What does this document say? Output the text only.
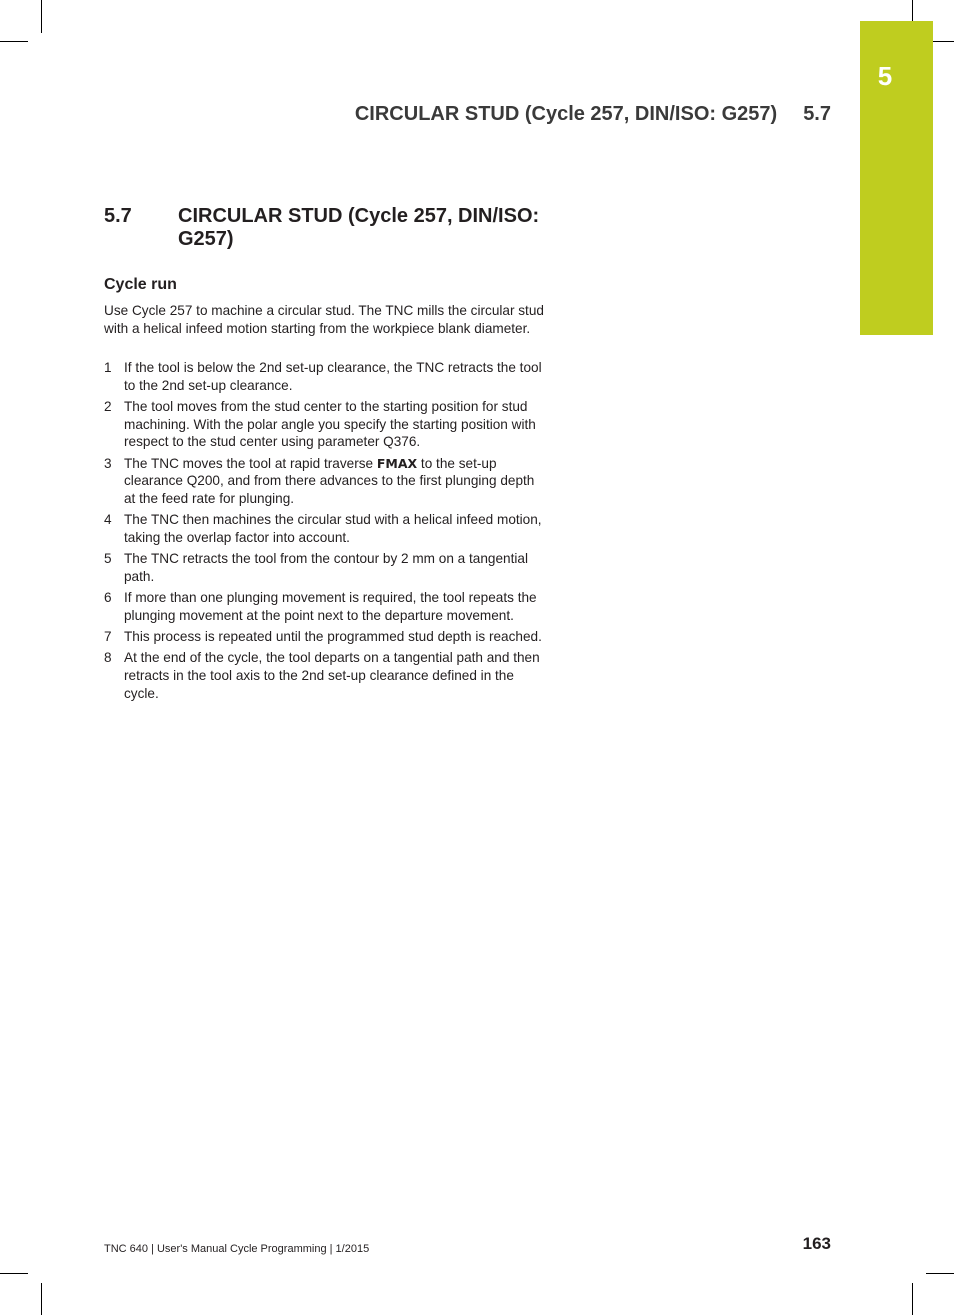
5
CIRCULAR STUD (Cycle 257, DIN/ISO: G257) 5.7
5.7 CIRCULAR STUD (Cycle 257, DIN/ISO: G257)
Cycle run

Use Cycle 257 to machine a circular stud. The TNC mills the circular stud with a helical infeed motion starting from the workpiece blank diameter.

1 If the tool is below the 2nd set-up clearance, the TNC retracts the tool to the 2nd set-up clearance.
2 The tool moves from the stud center to the starting position for stud machining. With the polar angle you specify the starting position with respect to the stud center using parameter Q376.
3 The TNC moves the tool at rapid traverse FMAX to the set-up clearance Q200, and from there advances to the first plunging depth at the feed rate for plunging.
4 The TNC then machines the circular stud with a helical infeed motion, taking the overlap factor into account.
5 The TNC retracts the tool from the contour by 2 mm on a tangential path.
6 If more than one plunging movement is required, the tool repeats the plunging movement at the point next to the departure movement.
7 This process is repeated until the programmed stud depth is reached.
8 At the end of the cycle, the tool departs on a tangential path and then retracts in the tool axis to the 2nd set-up clearance defined in the cycle.
TNC 640 | User's Manual Cycle Programming | 1/2015	163
